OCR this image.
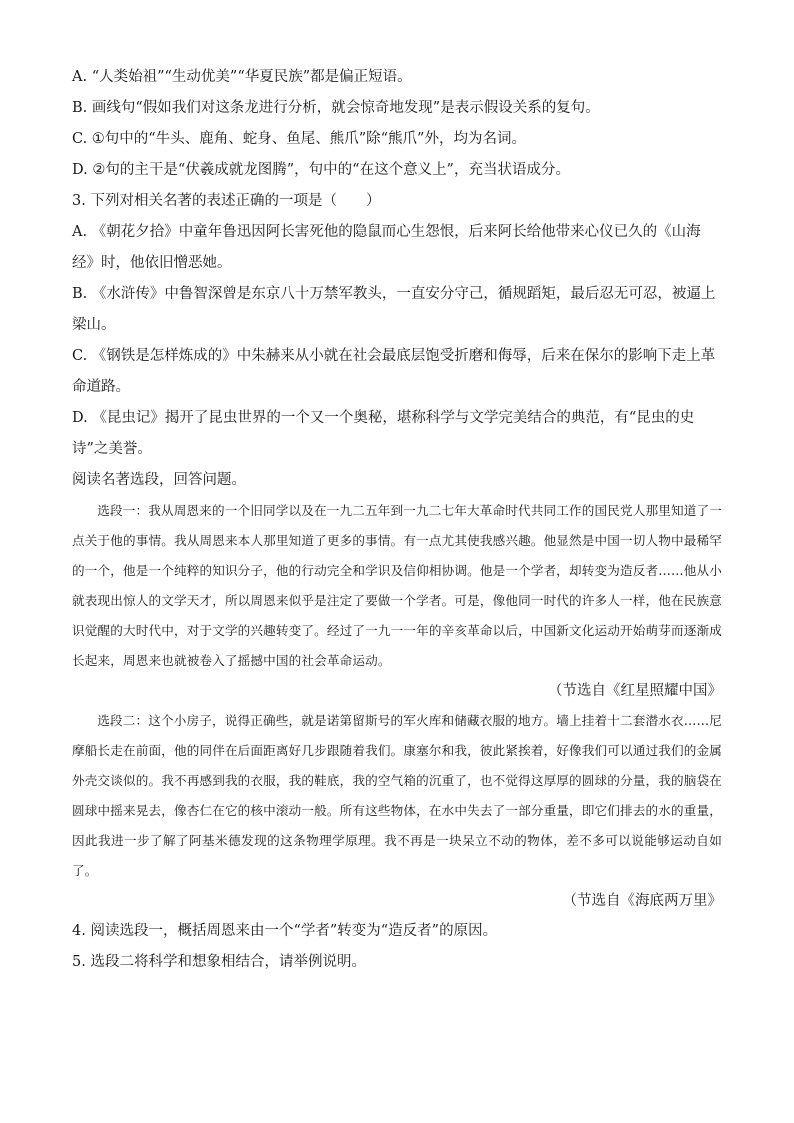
A. “人类始祖”“生动优美”“华夏民族”都是偏正短语。

B. 画线句“假如我们对这条龙进行分析，就会惊奇地发现”是表示假设关系的复句。

C. ①句中的“牛头、鹿角、蛇身、鱼尾、熊爪”除“熊爪”外，均为名词。

D. ②句的主干是“伏羲成就龙图腾”，句中的“在这个意义上”，充当状语成分。

3. 下列对相关名著的表述正确的一项是（　　）

A. 《朝花夕拾》中童年鲁迅因阿长害死他的隐鼠而心生怨恨，后来阿长给他带来心仪已久的《山海经》时，他依旧憎恶她。

B. 《水浒传》中鲁智深曾是东京八十万禁军教头，一直安分守己，循规蹈矩，最后忍无可忍，被逼上梁山。

C. 《钢铁是怎样炼成的》中朱赫来从小就在社会最底层饱受折磨和侮辱，后来在保尔的影响下走上革命道路。

D. 《昆虫记》揭开了昆虫世界的一个又一个奥秘，堪称科学与文学完美结合的典范，有“昆虫的史诗”之美誉。

阅读名著选段，回答问题。

选段一：我从周恩来的一个旧同学以及在一九二五年到一九二七年大革命时代共同工作的国民党人那里知道了一点关于他的事情。我从周恩来本人那里知道了更多的事情。有一点尤其使我感兴趣。他显然是中国一切人物中最稀罕的一个，他是一个纯粹的知识分子，他的行动完全和学识及信仰相协调。他是一个学者，却转变为造反者……他从小就表现出惊人的文学天才，所以周恩来似乎是注定了要做一个学者。可是，像他同一时代的许多人一样，他在民族意识觉醒的大时代中，对于文学的兴趣转变了。经过了一九一一年的辛亥革命以后，中国新文化运动开始萌芽而逐渐成长起来，周恩来也就被卷入了摇撼中国的社会革命运动。

（节选自《红星照耀中国》

选段二：这个小房子，说得正确些，就是诺第留斯号的军火库和储藏衣服的地方。墙上挂着十二套潜水衣……尼摩船长走在前面，他的同伴在后面距离好几步跟随着我们。康塞尔和我，彼此紧挨着，好像我们可以通过我们的金属外壳交谈似的。我不再感到我的衣服，我的鞋底，我的空气箱的沉重了，也不觉得这厚厚的圆球的分量，我的脑袋在圆球中摇来晃去，像杏仁在它的核中滚动一般。所有这些物体，在水中失去了一部分重量，即它们排去的水的重量，因此我进一步了解了阿基米德发现的这条物理学原理。我不再是一块呆立不动的物体，差不多可以说能够运动自如了。

（节选自《海底两万里》

4. 阅读选段一，概括周恩来由一个“学者”转变为“造反者”的原因。

5. 选段二将科学和想象相结合，请举例说明。
